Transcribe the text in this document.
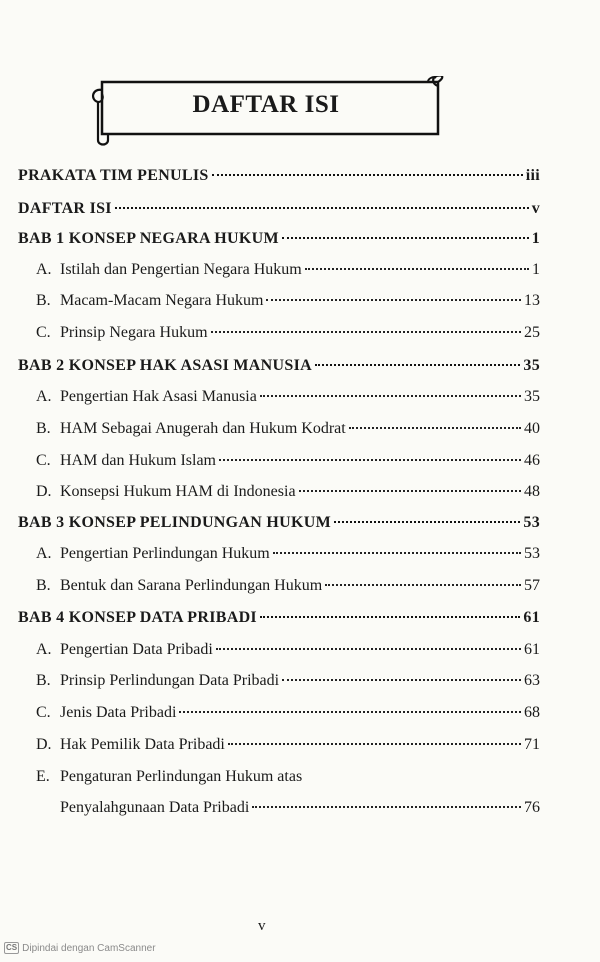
DAFTAR ISI
PRAKATA TIM PENULIS	iii
DAFTAR ISI	v
BAB 1 KONSEP NEGARA HUKUM	1
A. Istilah dan Pengertian Negara Hukum	1
B. Macam-Macam Negara Hukum	13
C. Prinsip Negara Hukum	25
BAB 2 KONSEP HAK ASASI MANUSIA	35
A. Pengertian Hak Asasi Manusia	35
B. HAM Sebagai Anugerah dan Hukum Kodrat	40
C. HAM dan Hukum Islam	46
D. Konsepsi Hukum HAM di Indonesia	48
BAB 3 KONSEP PELINDUNGAN HUKUM	53
A. Pengertian Perlindungan Hukum	53
B. Bentuk dan Sarana Perlindungan Hukum	57
BAB 4 KONSEP DATA PRIBADI	61
A. Pengertian Data Pribadi	61
B. Prinsip Perlindungan Data Pribadi	63
C. Jenis Data Pribadi	68
D. Hak Pemilik Data Pribadi	71
E. Pengaturan Perlindungan Hukum atas
Penyalahgunaan Data Pribadi	76
v
CS Dipindai dengan CamScanner
